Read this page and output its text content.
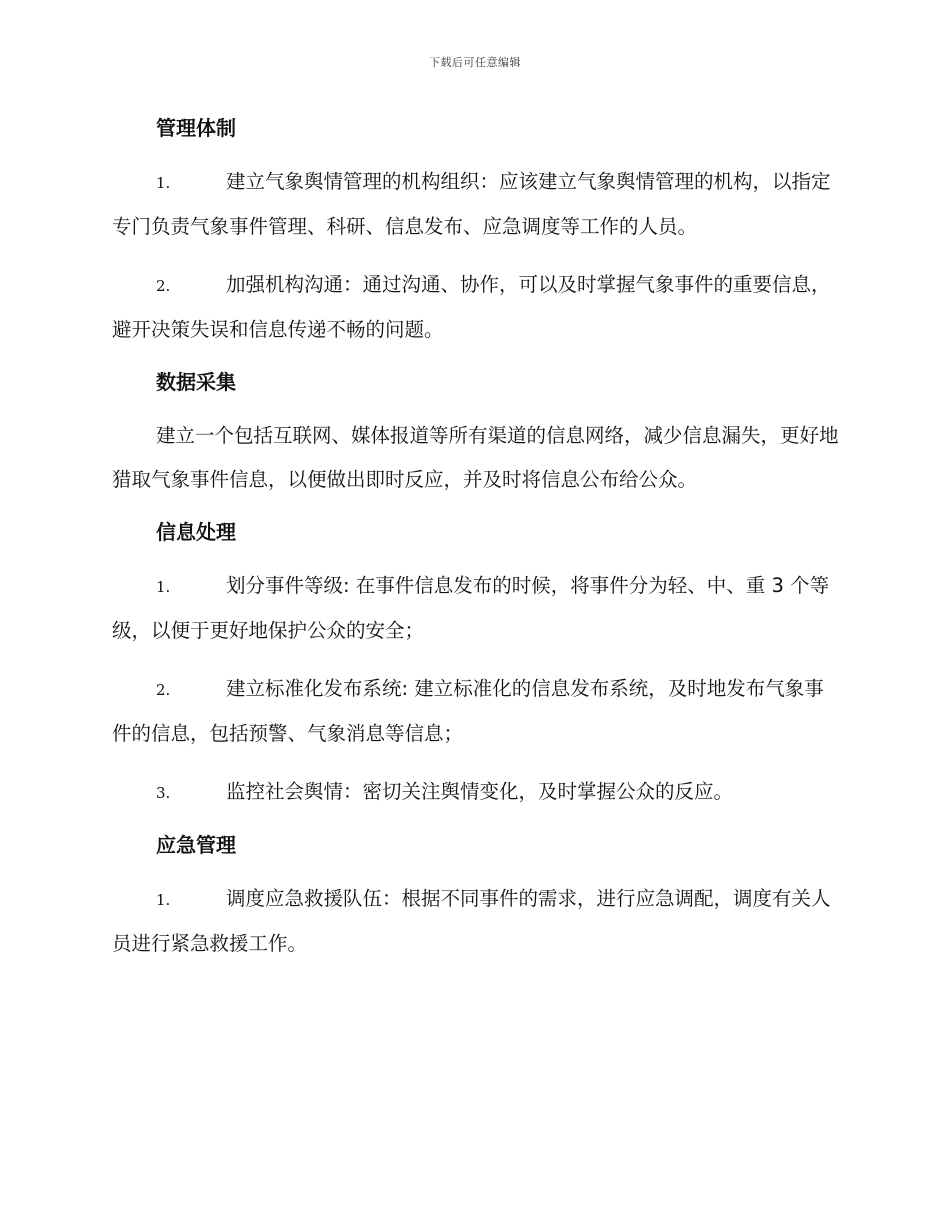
下载后可任意编辑
管理体制
1.	建立气象舆情管理的机构组织：应该建立气象舆情管理的机构，以指定专门负责气象事件管理、科研、信息发布、应急调度等工作的人员。
2.	加强机构沟通：通过沟通、协作，可以及时掌握气象事件的重要信息，避开决策失误和信息传递不畅的问题。
数据采集
建立一个包括互联网、媒体报道等所有渠道的信息网络，减少信息漏失，更好地猎取气象事件信息，以便做出即时反应，并及时将信息公布给公众。
信息处理
1.	划分事件等级: 在事件信息发布的时候，将事件分为轻、中、重 3 个等级，以便于更好地保护公众的安全；
2.	建立标准化发布系统: 建立标准化的信息发布系统，及时地发布气象事件的信息，包括预警、气象消息等信息；
3.	监控社会舆情：密切关注舆情变化，及时掌握公众的反应。
应急管理
1.	调度应急救援队伍：根据不同事件的需求，进行应急调配，调度有关人员进行紧急救援工作。
